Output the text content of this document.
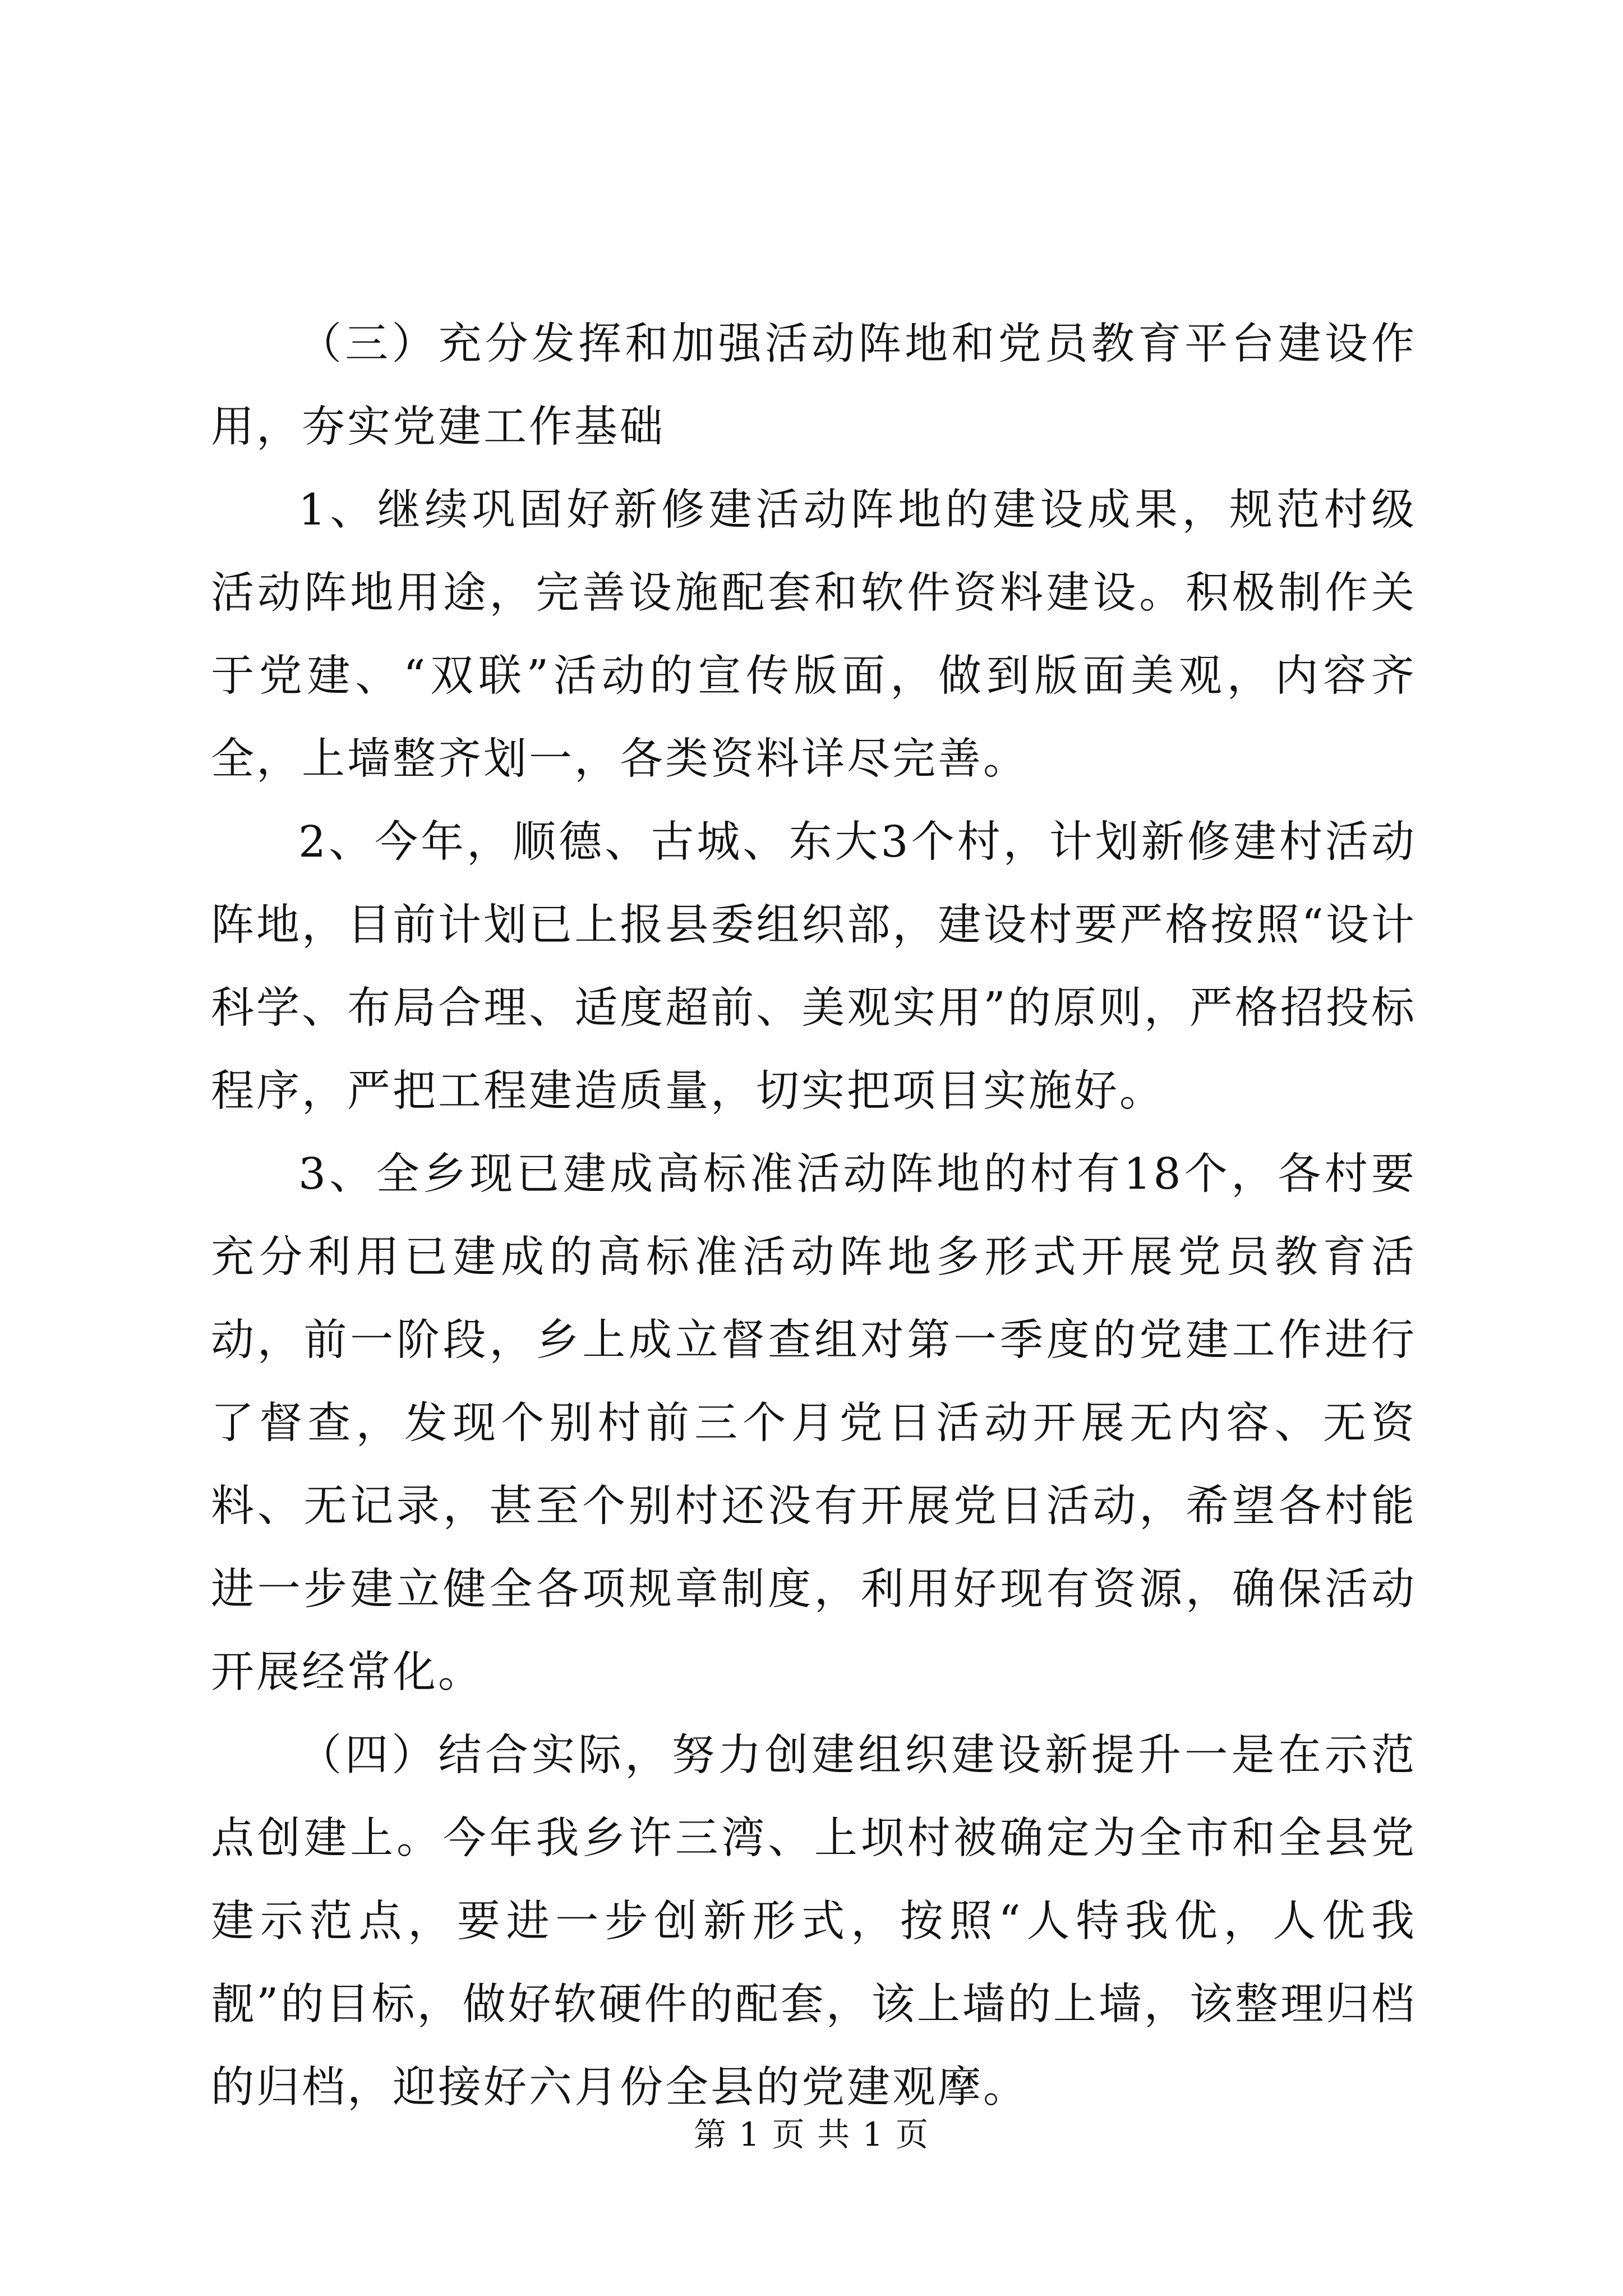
（三）充分发挥和加强活动阵地和党员教育平台建设作用，夯实党建工作基础

1、继续巩固好新修建活动阵地的建设成果，规范村级活动阵地用途，完善设施配套和软件资料建设。积极制作关于党建、“双联”活动的宣传版面，做到版面美观，内容齐全，上墙整齐划一，各类资料详尽完善。

2、今年，顺德、古城、东大3个村，计划新修建村活动阵地，目前计划已上报县委组织部，建设村要严格按照“设计科学、布局合理、适度超前、美观实用”的原则，严格招投标程序，严把工程建造质量，切实把项目实施好。

3、全乡现已建成高标准活动阵地的村有18个，各村要充分利用已建成的高标准活动阵地多形式开展党员教育活动，前一阶段，乡上成立督查组对第一季度的党建工作进行了督查，发现个别村前三个月党日活动开展无内容、无资料、无记录，甚至个别村还没有开展党日活动，希望各村能进一步建立健全各项规章制度，利用好现有资源，确保活动开展经常化。

（四）结合实际，努力创建组织建设新提升一是在示范点创建上。今年我乡许三湾、上坝村被确定为全市和全县党建示范点，要进一步创新形式，按照“人特我优，人优我靓”的目标，做好软硬件的配套，该上墙的上墙，该整理归档的归档，迎接好六月份全县的党建观摩。

第 1 页 共 1 页
